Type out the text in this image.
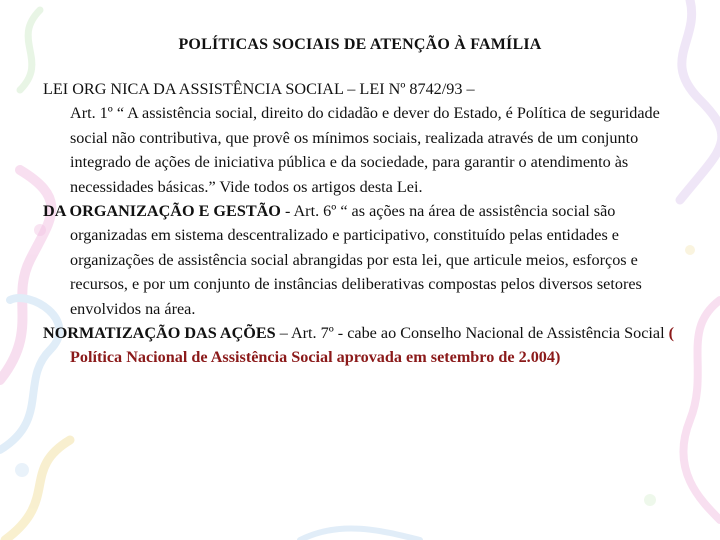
POLÍTICAS SOCIAIS DE ATENÇÃO À FAMÍLIA

LEI ORG NICA DA ASSISTÊNCIA SOCIAL – LEI Nº 8742/93 –
Art. 1º “ A assistência social, direito do cidadão e dever do Estado, é Política de seguridade social não contributiva, que provê os mínimos sociais, realizada através de um conjunto integrado de ações de iniciativa pública e da sociedade, para garantir o atendimento às necessidades básicas.” Vide todos os artigos desta Lei.

DA ORGANIZAÇÃO E GESTÃO - Art. 6º “ as ações na área de assistência social são organizadas em sistema descentralizado e participativo, constituído pelas entidades e organizações de assistência social abrangidas por esta lei, que articule meios, esforços e recursos, e por um conjunto de instâncias deliberativas compostas pelos diversos setores envolvidos na área.

NORMATIZAÇÃO DAS AÇÕES – Art. 7º - cabe ao Conselho Nacional de Assistência Social ( Política Nacional de Assistência Social aprovada em setembro de 2.004)
